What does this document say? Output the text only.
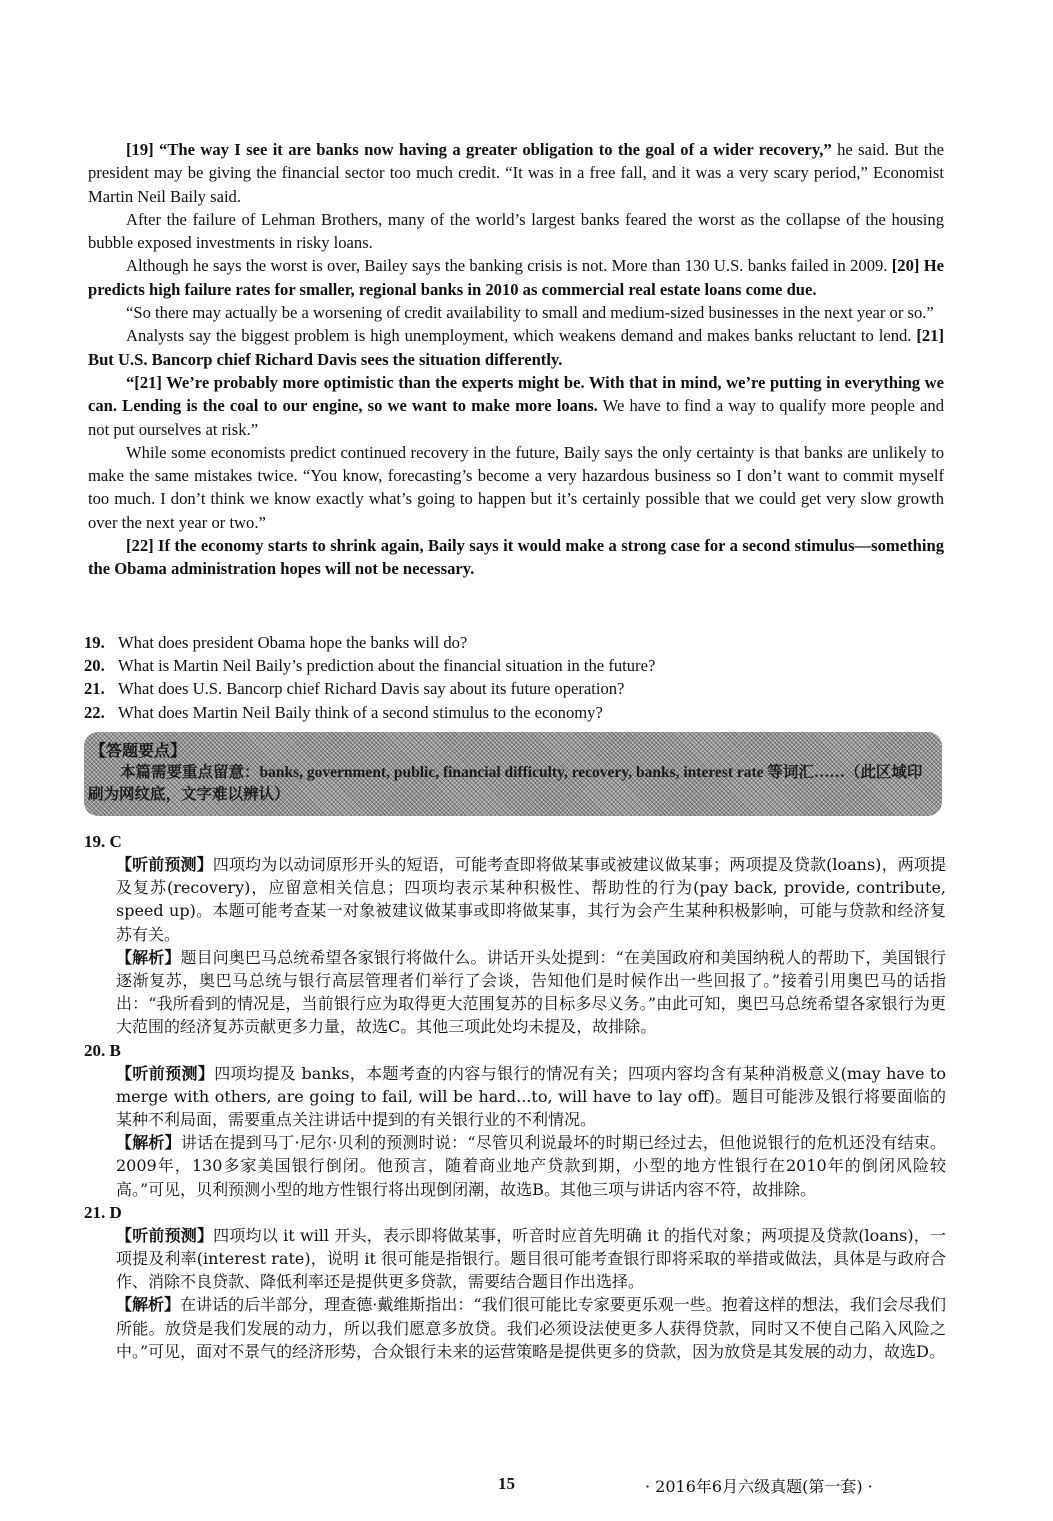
[19] “The way I see it are banks now having a greater obligation to the goal of a wider recovery,” he said. But the president may be giving the financial sector too much credit. “It was in a free fall, and it was a very scary period,” Economist Martin Neil Baily said.

After the failure of Lehman Brothers, many of the world’s largest banks feared the worst as the collapse of the housing bubble exposed investments in risky loans.

Although he says the worst is over, Bailey says the banking crisis is not. More than 130 U.S. banks failed in 2009. [20] He predicts high failure rates for smaller, regional banks in 2010 as commercial real estate loans come due.

“So there may actually be a worsening of credit availability to small and medium-sized businesses in the next year or so.”

Analysts say the biggest problem is high unemployment, which weakens demand and makes banks reluctant to lend. [21] But U.S. Bancorp chief Richard Davis sees the situation differently.

“[21] We’re probably more optimistic than the experts might be. With that in mind, we’re putting in everything we can. Lending is the coal to our engine, so we want to make more loans. We have to find a way to qualify more people and not put ourselves at risk.”

While some economists predict continued recovery in the future, Baily says the only certainty is that banks are unlikely to make the same mistakes twice. “You know, forecasting’s become a very hazardous business so I don’t want to commit myself too much. I don’t think we know exactly what’s going to happen but it’s certainly possible that we could get very slow growth over the next year or two.”

[22] If the economy starts to shrink again, Baily says it would make a strong case for a second stimulus—something the Obama administration hopes will not be necessary.

19. What does president Obama hope the banks will do?

20. What is Martin Neil Baily’s prediction about the financial situation in the future?

21. What does U.S. Bancorp chief Richard Davis say about its future operation?

22. What does Martin Neil Baily think of a second stimulus to the economy?

【答题要点】
本篇需要重点留意：banks, government, public, financial difficulty, recovery, banks, interest rate 等词汇……（此区域印刷为网纹底，文字难以辨认）

19. C

【听前预测】四项均为以动词原形开头的短语，可能考查即将做某事或被建议做某事；两项提及贷款(loans)，两项提及复苏(recovery)，应留意相关信息；四项均表示某种积极性、帮助性的行为(pay back, provide, contribute, speed up)。本题可能考查某一对象被建议做某事或即将做某事，其行为会产生某种积极影响，可能与贷款和经济复苏有关。

【解析】题目问奥巴马总统希望各家银行将做什么。讲话开头处提到：“在美国政府和美国纳税人的帮助下，美国银行逐渐复苏，奥巴马总统与银行高层管理者们举行了会谈，告知他们是时候作出一些回报了。”接着引用奥巴马的话指出：“我所看到的情况是，当前银行应为取得更大范围复苏的目标多尽义务。”由此可知，奥巴马总统希望各家银行为更大范围的经济复苏贡献更多力量，故选C。其他三项此处均未提及，故排除。

20. B

【听前预测】四项均提及 banks，本题考查的内容与银行的情况有关；四项内容均含有某种消极意义(may have to merge with others, are going to fail, will be hard...to, will have to lay off)。题目可能涉及银行将要面临的某种不利局面，需要重点关注讲话中提到的有关银行业的不利情况。

【解析】讲话在提到马丁·尼尔·贝利的预测时说：“尽管贝利说最坏的时期已经过去，但他说银行的危机还没有结束。2009年，130多家美国银行倒闭。他预言，随着商业地产贷款到期，小型的地方性银行在2010年的倒闭风险较高。”可见，贝利预测小型的地方性银行将出现倒闭潮，故选B。其他三项与讲话内容不符，故排除。

21. D

【听前预测】四项均以 it will 开头，表示即将做某事，听音时应首先明确 it 的指代对象；两项提及贷款(loans)，一项提及利率(interest rate)，说明 it 很可能是指银行。题目很可能考查银行即将采取的举措或做法，具体是与政府合作、消除不良贷款、降低利率还是提供更多贷款，需要结合题目作出选择。

【解析】在讲话的后半部分，理查德·戴维斯指出：“我们很可能比专家要更乐观一些。抱着这样的想法，我们会尽我们所能。放贷是我们发展的动力，所以我们愿意多放贷。我们必须设法使更多人获得贷款，同时又不使自己陷入风险之中。”可见，面对不景气的经济形势，合众银行未来的运营策略是提供更多的贷款，因为放贷是其发展的动力，故选D。

15	· 2016年6月六级真题(第一套) ·
